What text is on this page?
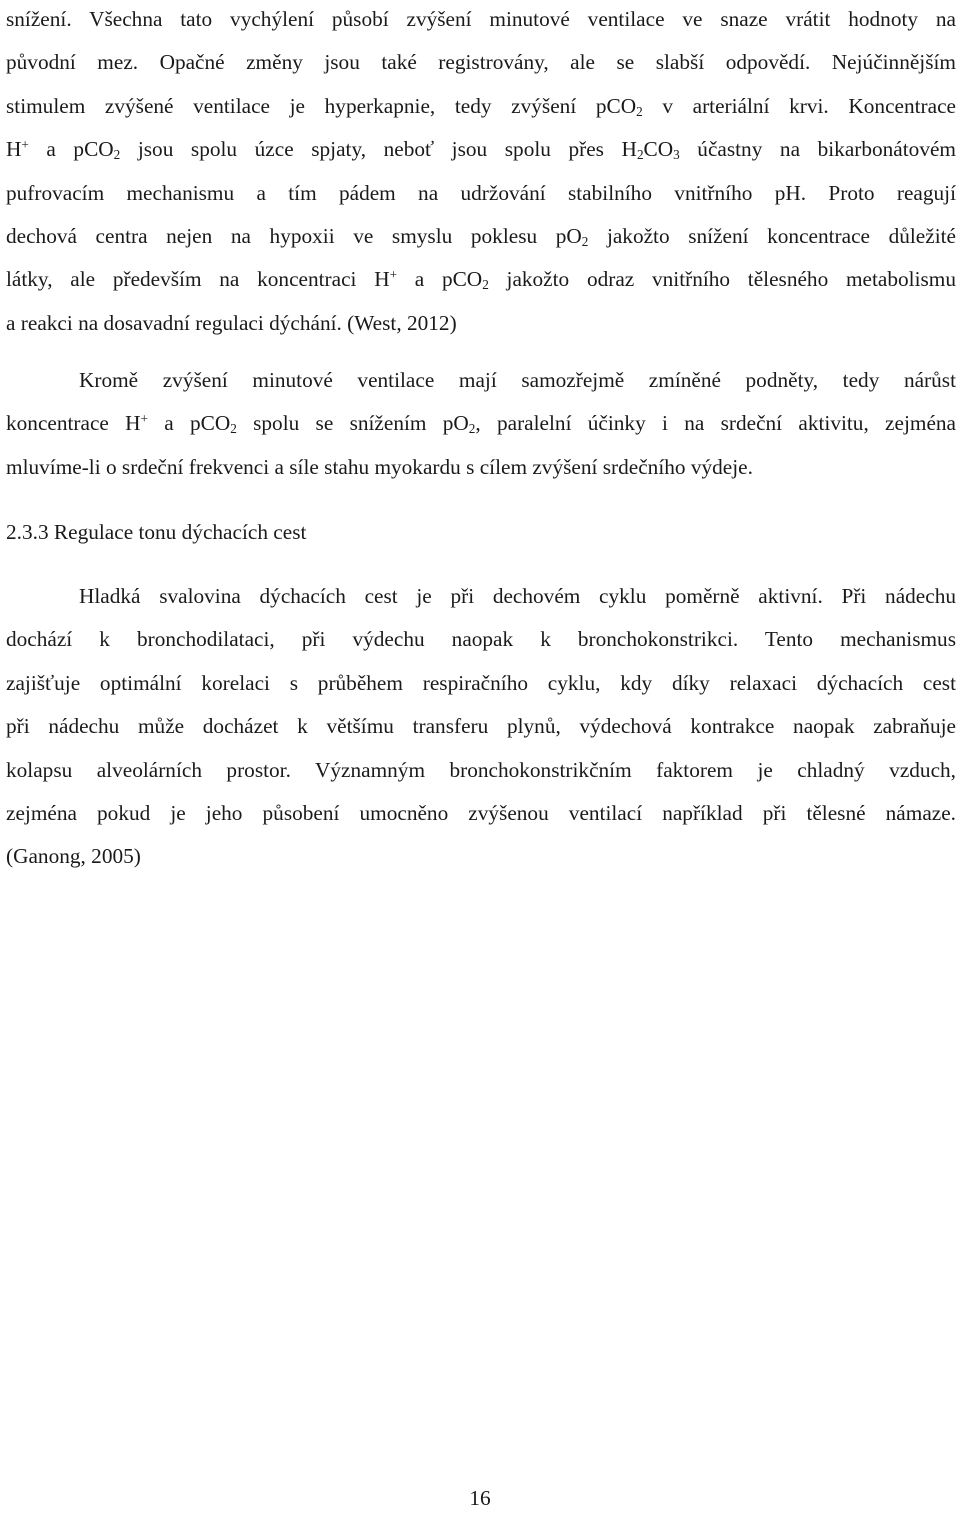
snížení. Všechna tato vychýlení působí zvýšení minutové ventilace ve snaze vrátit hodnoty na
původní mez. Opačné změny jsou také registrovány, ale se slabší odpovědí. Nejúčinnějším
stimulem zvýšené ventilace je hyperkapnie, tedy zvýšení pCO$_2$ v arteriální krvi. Koncentrace
H+ a pCO$_2$ jsou spolu úzce spjaty, neboť jsou spolu přes $H_2CO_3$ účastny na bikarbonátovém
pufrovacím mechanismu a tím pádem na udržování stabilního vnitřního pH. Proto reagují
dechová centra nejen na hypoxii ve smyslu poklesu $pO_2$ jakožto snížení koncentrace důležité
látky, ale především na koncentraci H+ a pCO$_2$ jakožto odraz vnitřního tělesného metabolismu
a reakci na dosavadní regulaci dýchání. (West, 2012)
Kromě zvýšení minutové ventilace mají samozřejmě zmíněné podněty, tedy nárůst
koncentrace H+ a pCO$_2$ spolu se snížením $pO_2$, paralelní účinky i na srdeční aktivitu, zejména
mluvíme-li o srdeční frekvenci a síle stahu myokardu s cílem zvýšení srdečního výdeje.
2.3.3 Regulace tonu dýchacích cest
Hladká svalovina dýchacích cest je při dechovém cyklu poměrně aktivní. Při nádechu
dochází k bronchodilataci, při výdechu naopak k bronchokonstrikci. Tento mechanismus
zajišťuje optimální korelaci s průběhem respiračního cyklu, kdy díky relaxaci dýchacích cest
při nádechu může docházet k většímu transferu plynů, výdechová kontrakce naopak zabraňuje
kolapsu alveolárních prostor. Významným bronchokonstrikčním faktorem je chladný vzduch,
zejména pokud je jeho působení umocněno zvýšenou ventilací například při tělesné námaze.
(Ganong, 2005)
16
